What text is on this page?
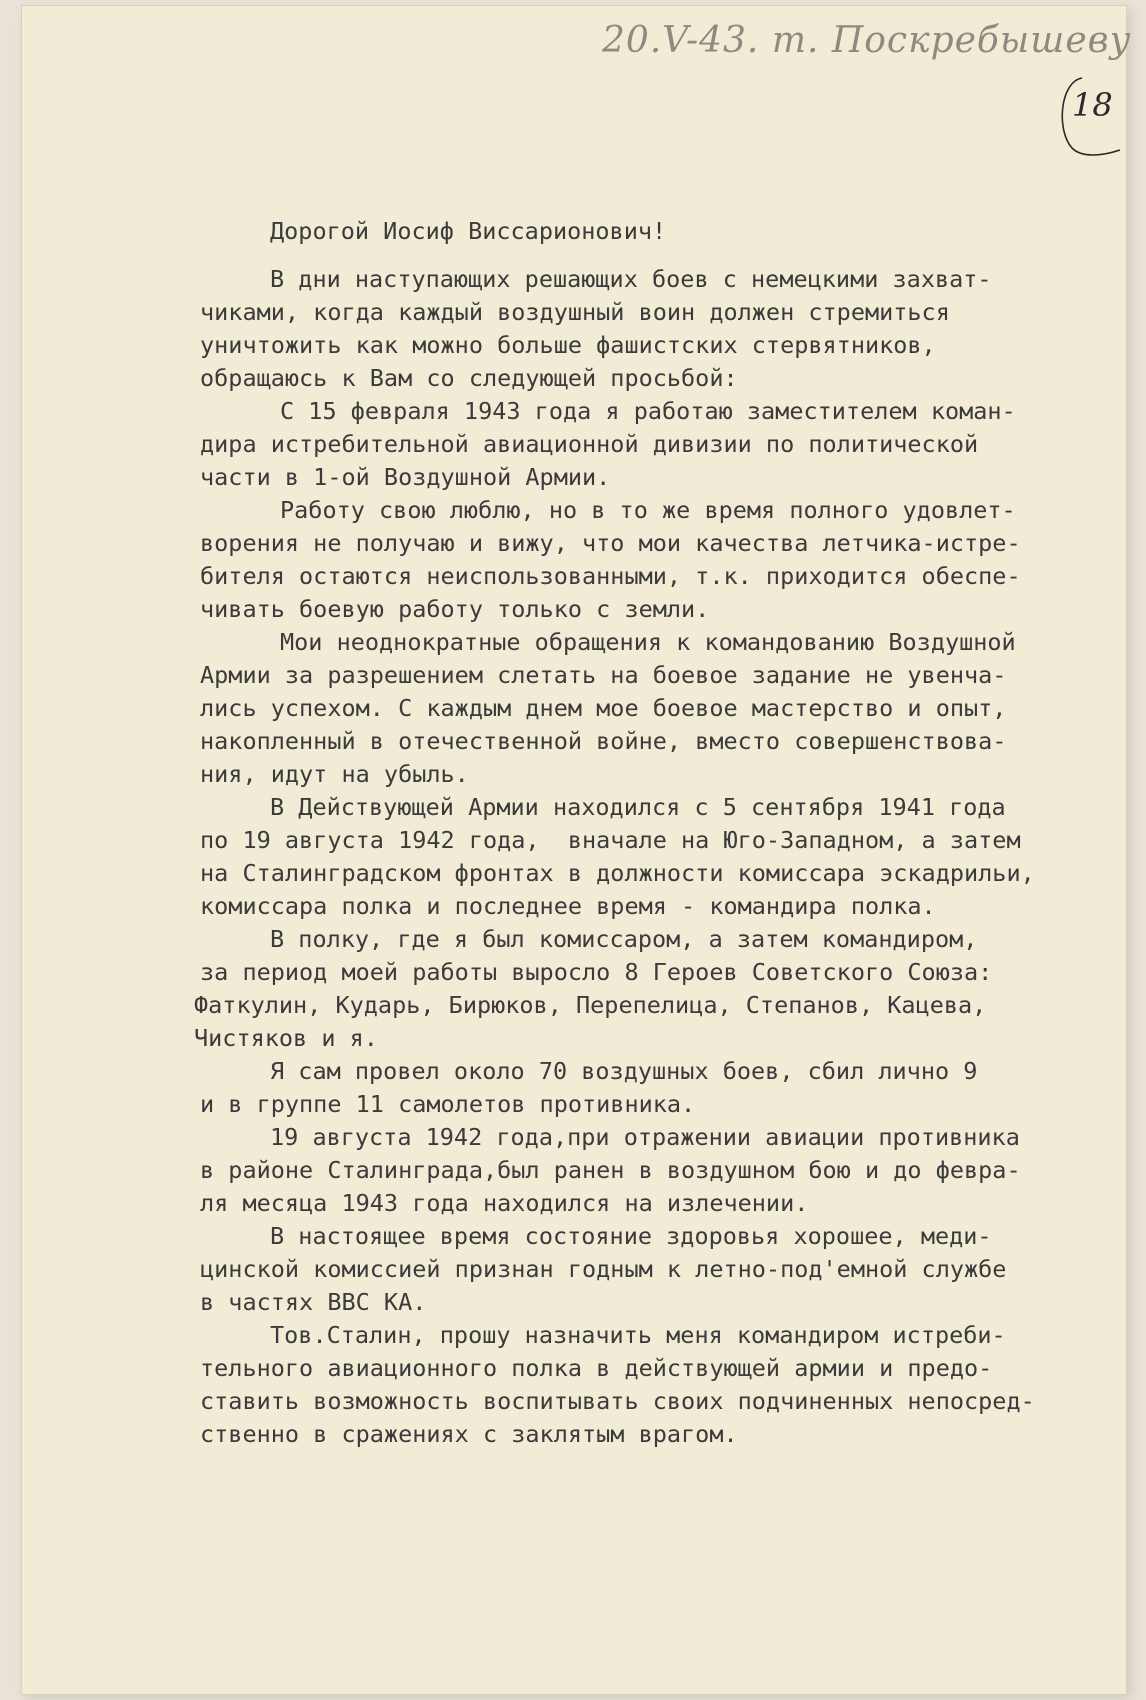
20.V-43. т. Поскребышеву
18
Дорогой Иосиф Виссарионович!
В дни наступающих решающих боев с немецкими захват-
чиками, когда каждый воздушный воин должен стремиться
уничтожить как можно больше фашистских стервятников,
обращаюсь к Вам со следующей просьбой:
С 15 февраля 1943 года я работаю заместителем коман-
дира истребительной авиационной дивизии по политической
части в 1-ой Воздушной Армии.
Работу свою люблю, но в то же время полного удовлет-
ворения не получаю и вижу, что мои качества летчика-истре-
бителя остаются неиспользованными, т.к. приходится обеспе-
чивать боевую работу только с земли.
Мои неоднократные обращения к командованию Воздушной
Армии за разрешением слетать на боевое задание не увенча-
лись успехом. С каждым днем мое боевое мастерство и опыт,
накопленный в отечественной войне, вместо совершенствова-
ния, идут на убыль.
В Действующей Армии находился с 5 сентября 1941 года
по 19 августа 1942 года,  вначале на Юго-Западном, а затем
на Сталинградском фронтах в должности комиссара эскадрильи,
комиссара полка и последнее время - командира полка.
В полку, где я был комиссаром, а затем командиром,
за период моей работы выросло 8 Героев Советского Союза:
Фаткулин, Кударь, Бирюков, Перепелица, Степанов, Кацева,
Чистяков и я.
Я сам провел около 70 воздушных боев, сбил лично 9
и в группе 11 самолетов противника.
19 августа 1942 года,при отражении авиации противника
в районе Сталинграда,был ранен в воздушном бою и до февра-
ля месяца 1943 года находился на излечении.
В настоящее время состояние здоровья хорошее, меди-
цинской комиссией признан годным к летно-под'емной службе
в частях ВВС КА.
Тов.Сталин, прошу назначить меня командиром истреби-
тельного авиационного полка в действующей армии и предо-
ставить возможность воспитывать своих подчиненных непосред-
ственно в сражениях с заклятым врагом.
